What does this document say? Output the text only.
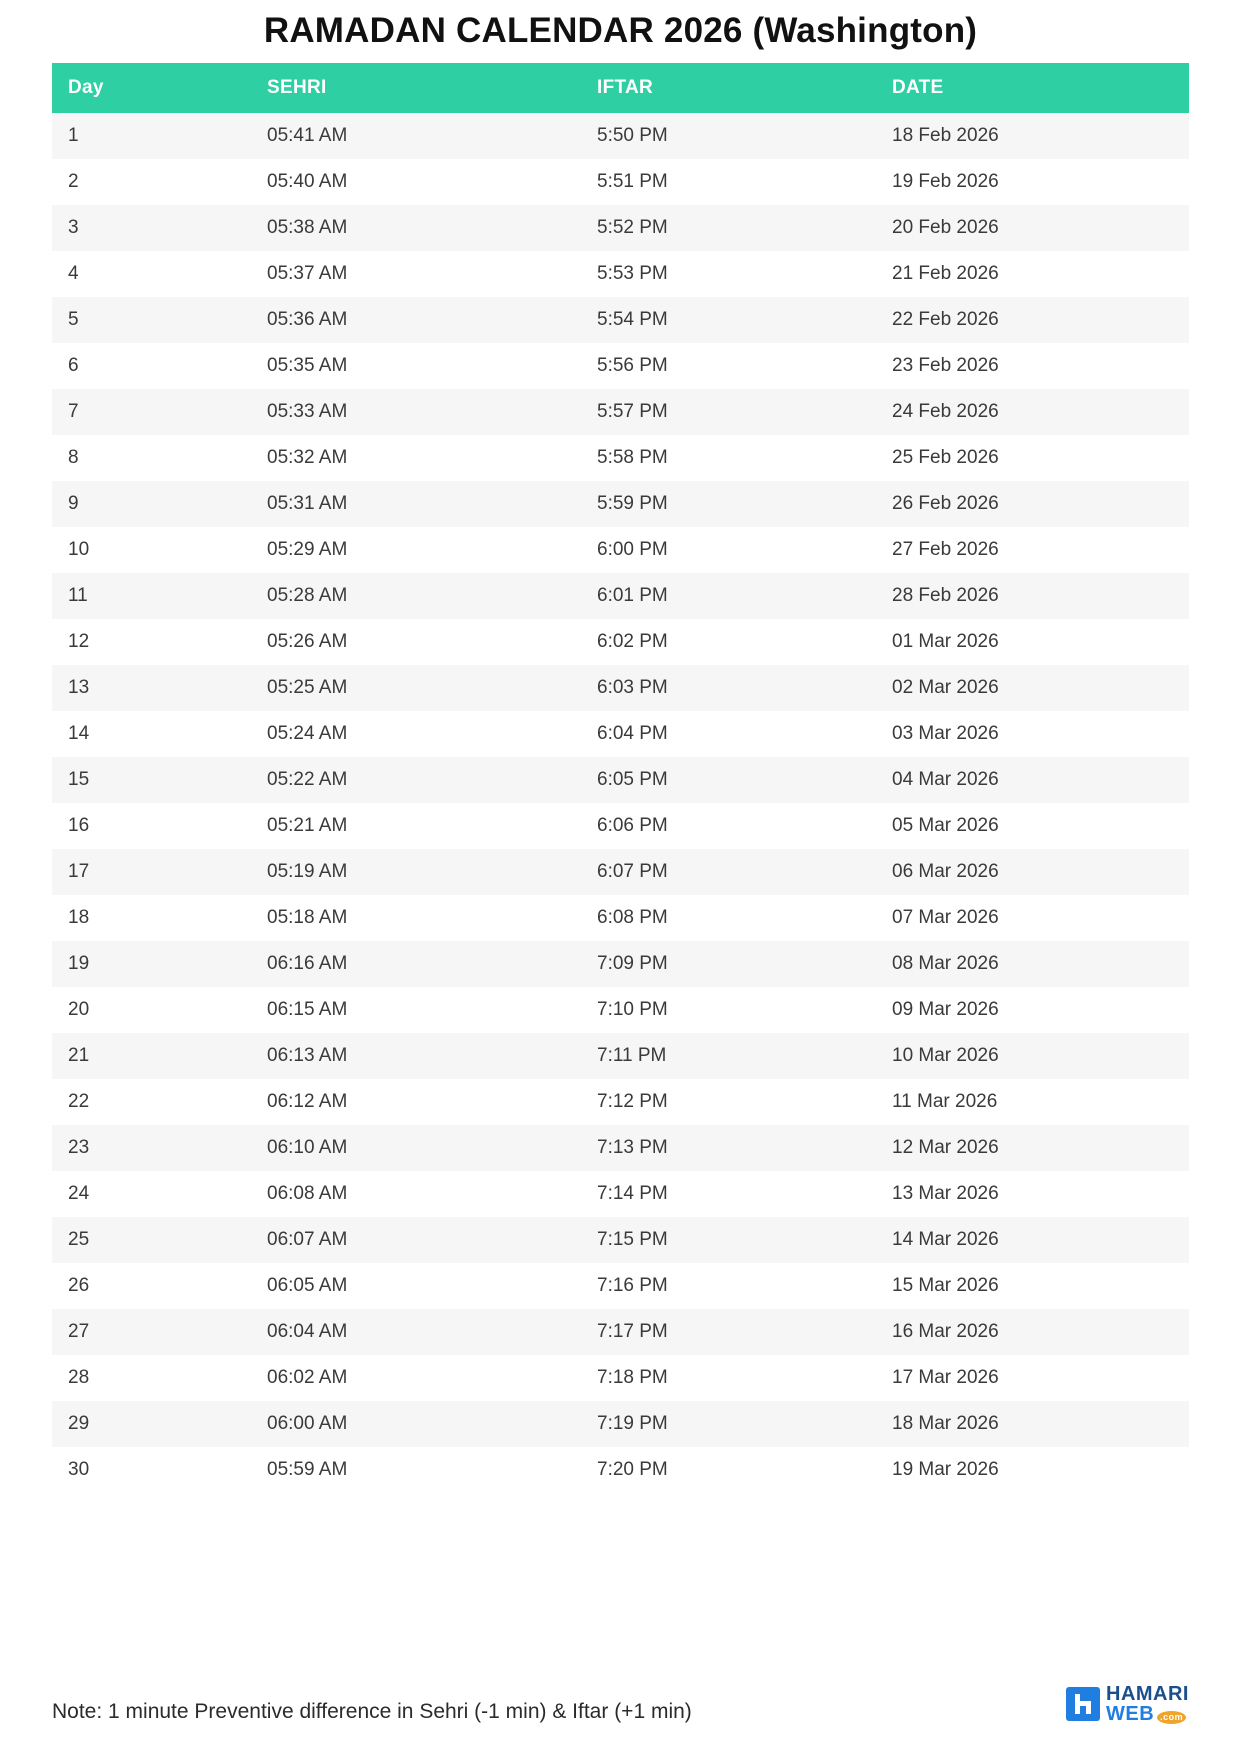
RAMADAN CALENDAR 2026 (Washington)
Day	SEHRI	IFTAR	DATE
1	05:41 AM	5:50 PM	18 Feb 2026
2	05:40 AM	5:51 PM	19 Feb 2026
3	05:38 AM	5:52 PM	20 Feb 2026
4	05:37 AM	5:53 PM	21 Feb 2026
5	05:36 AM	5:54 PM	22 Feb 2026
6	05:35 AM	5:56 PM	23 Feb 2026
7	05:33 AM	5:57 PM	24 Feb 2026
8	05:32 AM	5:58 PM	25 Feb 2026
9	05:31 AM	5:59 PM	26 Feb 2026
10	05:29 AM	6:00 PM	27 Feb 2026
11	05:28 AM	6:01 PM	28 Feb 2026
12	05:26 AM	6:02 PM	01 Mar 2026
13	05:25 AM	6:03 PM	02 Mar 2026
14	05:24 AM	6:04 PM	03 Mar 2026
15	05:22 AM	6:05 PM	04 Mar 2026
16	05:21 AM	6:06 PM	05 Mar 2026
17	05:19 AM	6:07 PM	06 Mar 2026
18	05:18 AM	6:08 PM	07 Mar 2026
19	06:16 AM	7:09 PM	08 Mar 2026
20	06:15 AM	7:10 PM	09 Mar 2026
21	06:13 AM	7:11 PM	10 Mar 2026
22	06:12 AM	7:12 PM	11 Mar 2026
23	06:10 AM	7:13 PM	12 Mar 2026
24	06:08 AM	7:14 PM	13 Mar 2026
25	06:07 AM	7:15 PM	14 Mar 2026
26	06:05 AM	7:16 PM	15 Mar 2026
27	06:04 AM	7:17 PM	16 Mar 2026
28	06:02 AM	7:18 PM	17 Mar 2026
29	06:00 AM	7:19 PM	18 Mar 2026
30	05:59 AM	7:20 PM	19 Mar 2026
Note: 1 minute Preventive difference in Sehri (-1 min) & Iftar (+1 min)
HAMARI
WEB .com
